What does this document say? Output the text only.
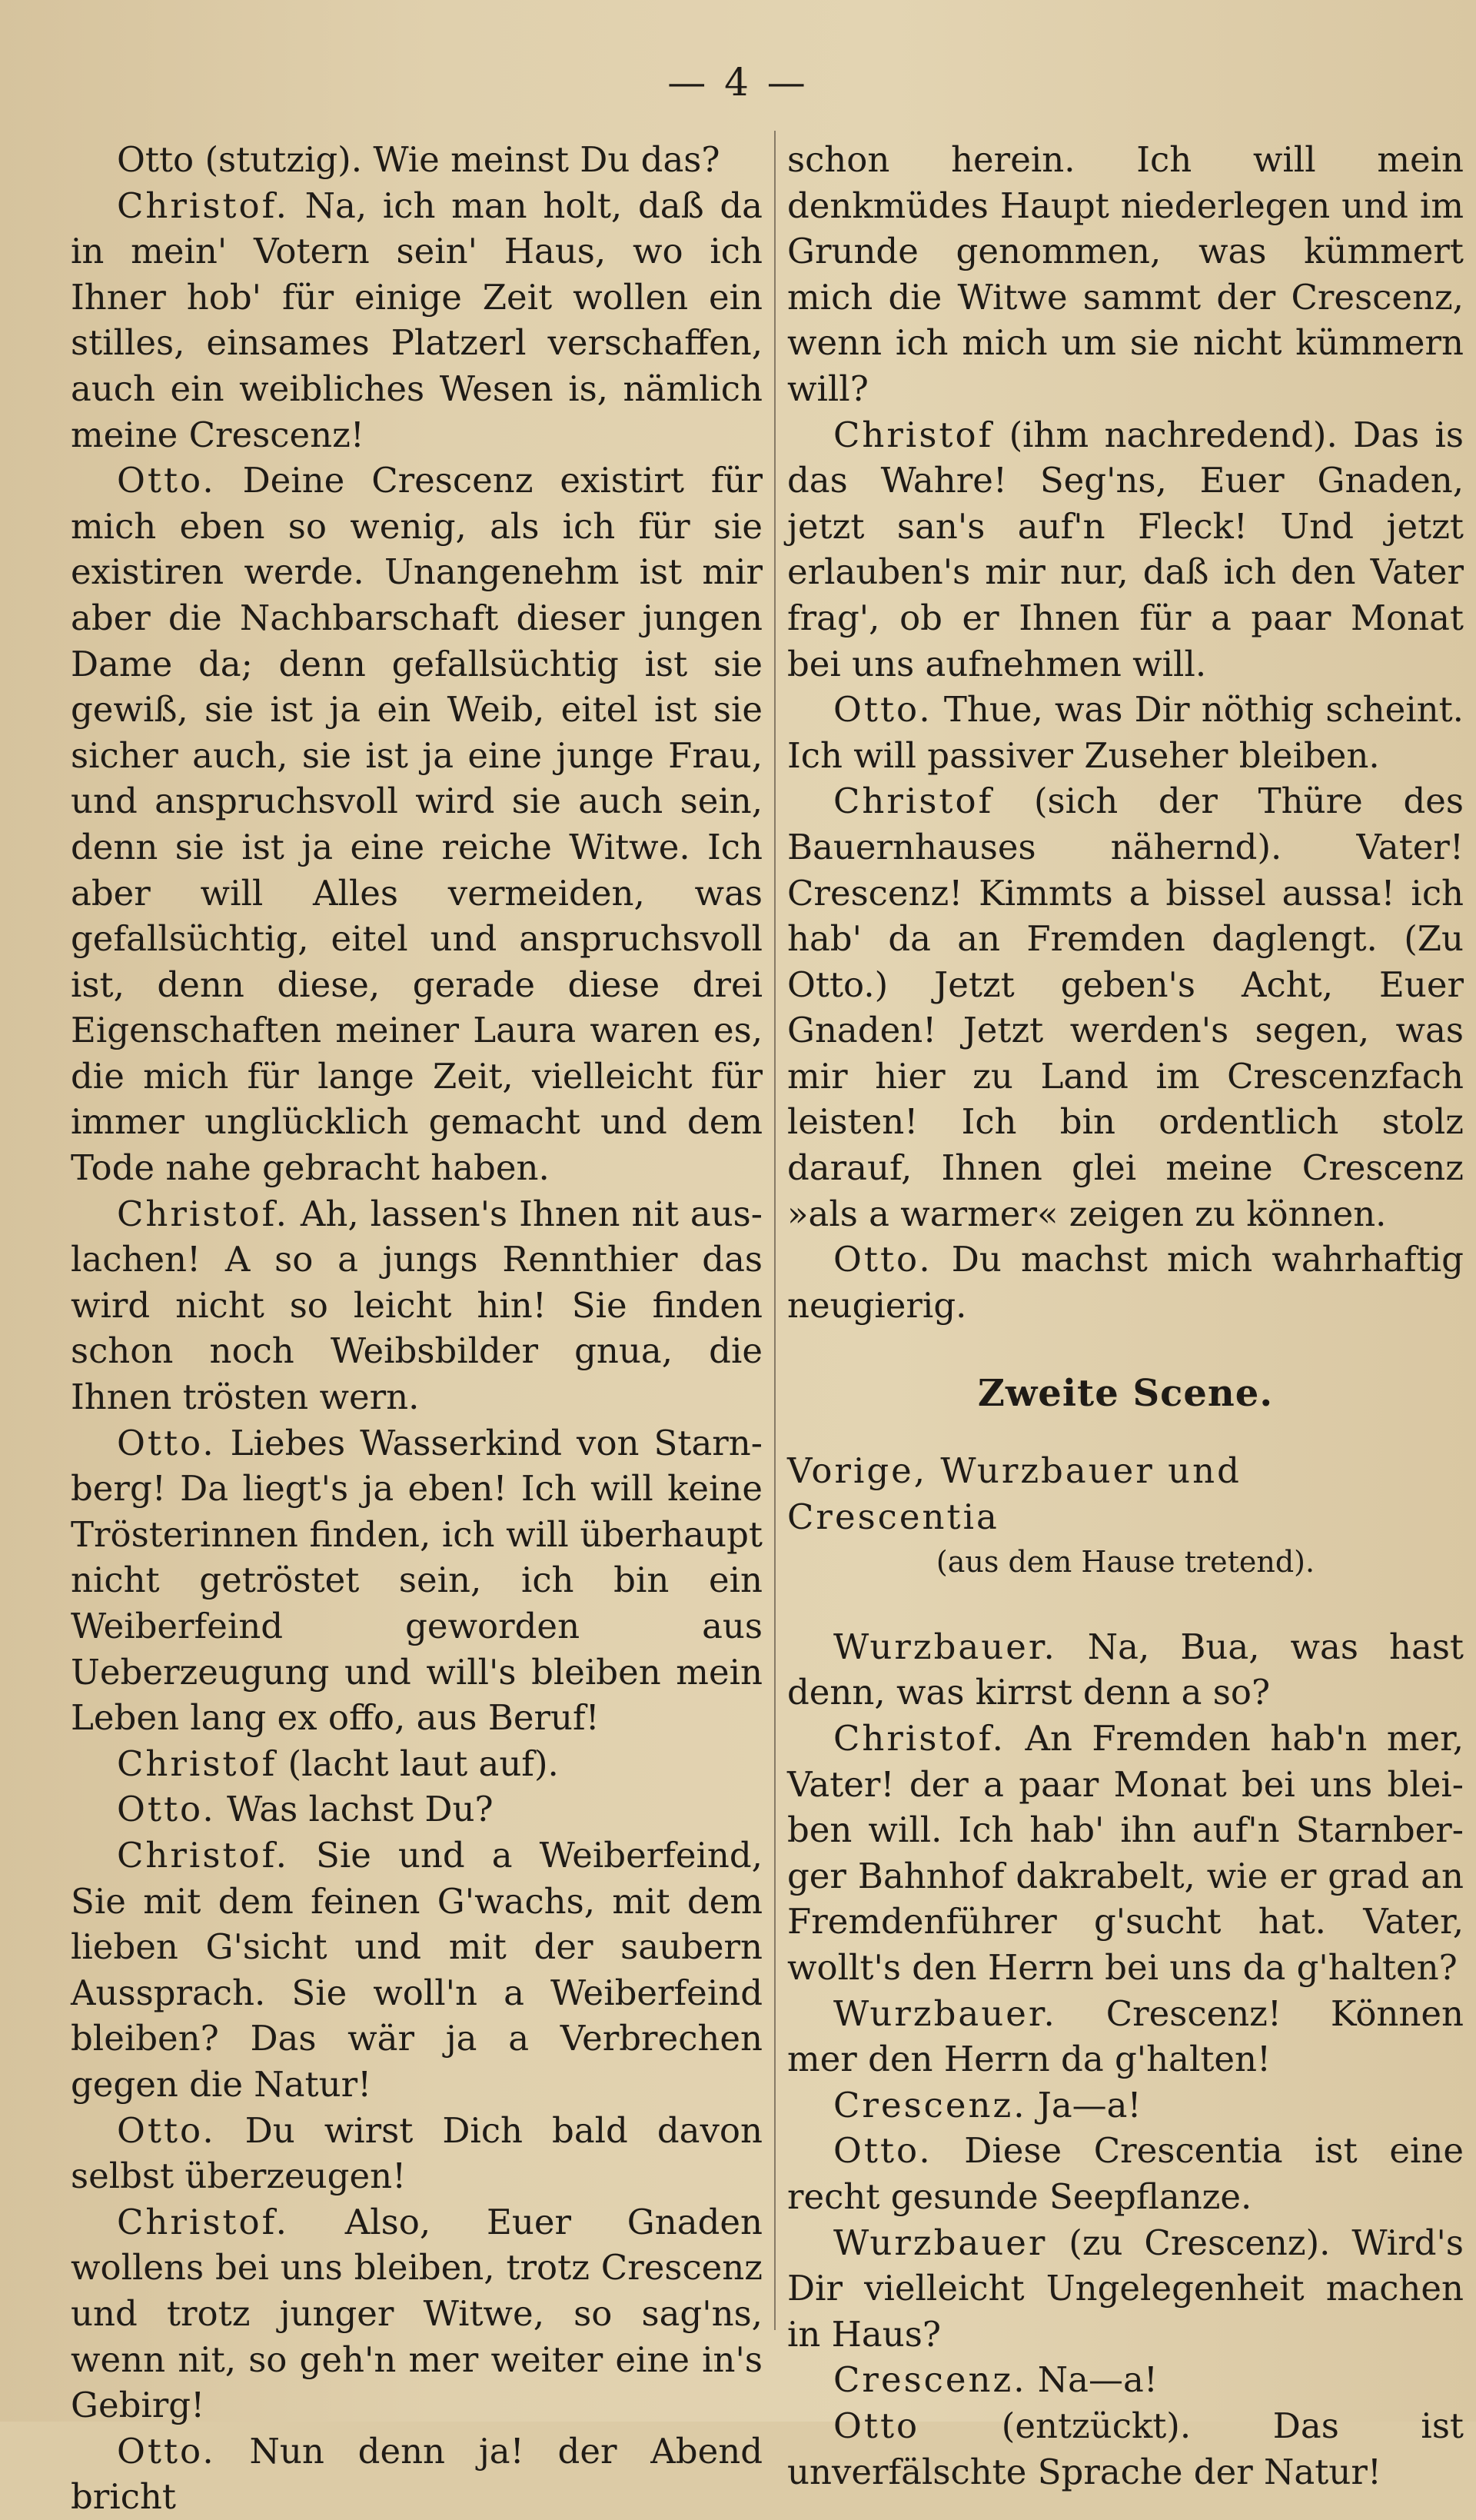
— 4 —

Otto (stutzig). Wie meinst Du das?

Christof. Na, ich man holt, daß da in mein' Votern sein' Haus, wo ich Ihner hob' für einige Zeit wollen ein stilles, einsames Platzerl verschaffen, auch ein weibliches Wesen is, nämlich meine Crescenz!

Otto. Deine Crescenz existirt für mich eben so wenig, als ich für sie existiren werde. Unangenehm ist mir aber die Nachbarschaft dieser jungen Dame da; denn gefallsüchtig ist sie gewiß, sie ist ja ein Weib, eitel ist sie sicher auch, sie ist ja eine junge Frau, und anspruchsvoll wird sie auch sein, denn sie ist ja eine reiche Witwe. Ich aber will Alles vermeiden, was gefallsüchtig, eitel und anspruchsvoll ist, denn diese, gerade diese drei Eigenschaften meiner Laura waren es, die mich für lange Zeit, vielleicht für immer unglücklich gemacht und dem Tode nahe gebracht haben.

Christof. Ah, lassen's Ihnen nit auslachen! A so a jungs Rennthier das wird nicht so leicht hin! Sie finden schon noch Weibsbilder gnua, die Ihnen trösten wern.

Otto. Liebes Wasserkind von Starnberg! Da liegt's ja eben! Ich will keine Trösterinnen finden, ich will überhaupt nicht getröstet sein, ich bin ein Weiberfeind geworden aus Ueberzeugung und will's bleiben mein Leben lang ex offo, aus Beruf!

Christof (lacht laut auf).

Otto. Was lachst Du?

Christof. Sie und a Weiberfeind, Sie mit dem feinen G'wachs, mit dem lieben G'sicht und mit der saubern Aussprach. Sie woll'n a Weiberfeind bleiben? Das wär ja a Verbrechen gegen die Natur!

Otto. Du wirst Dich bald davon selbst überzeugen!

Christof. Also, Euer Gnaden wollens bei uns bleiben, trotz Crescenz und trotz junger Witwe, so sag'ns, wenn nit, so geh'n mer weiter eine in's Gebirg!

Otto. Nun denn ja! der Abend bricht

schon herein. Ich will mein denkmüdes Haupt niederlegen und im Grunde genommen, was kümmert mich die Witwe sammt der Crescenz, wenn ich mich um sie nicht kümmern will?

Christof (ihm nachredend). Das is das Wahre! Seg'ns, Euer Gnaden, jetzt san's auf'n Fleck! Und jetzt erlauben's mir nur, daß ich den Vater frag', ob er Ihnen für a paar Monat bei uns aufnehmen will.

Otto. Thue, was Dir nöthig scheint. Ich will passiver Zuseher bleiben.

Christof (sich der Thüre des Bauernhauses nähernd). Vater! Crescenz! Kimmts a bissel aussa! ich hab' da an Fremden daglengt. (Zu Otto.) Jetzt geben's Acht, Euer Gnaden! Jetzt werden's segen, was mir hier zu Land im Crescenzfach leisten! Ich bin ordentlich stolz darauf, Ihnen glei meine Crescenz »als a warmer« zeigen zu können.

Otto. Du machst mich wahrhaftig neugierig.

Zweite Scene.
Vorige, Wurzbauer und Crescentia
(aus dem Hause tretend).

Wurzbauer. Na, Bua, was hast denn, was kirrst denn a so?

Christof. An Fremden hab'n mer, Vater! der a paar Monat bei uns bleiben will. Ich hab' ihn auf'n Starnberger Bahnhof dakrabelt, wie er grad an Fremdenführer g'sucht hat. Vater, wollt's den Herrn bei uns da g'halten?

Wurzbauer. Crescenz! Können mer den Herrn da g'halten!

Crescenz. Ja—a!

Otto. Diese Crescentia ist eine recht gesunde Seepflanze.

Wurzbauer (zu Crescenz). Wird's Dir vielleicht Ungelegenheit machen in Haus?

Crescenz. Na—a!

Otto (entzückt). Das ist unverfälschte Sprache der Natur!
